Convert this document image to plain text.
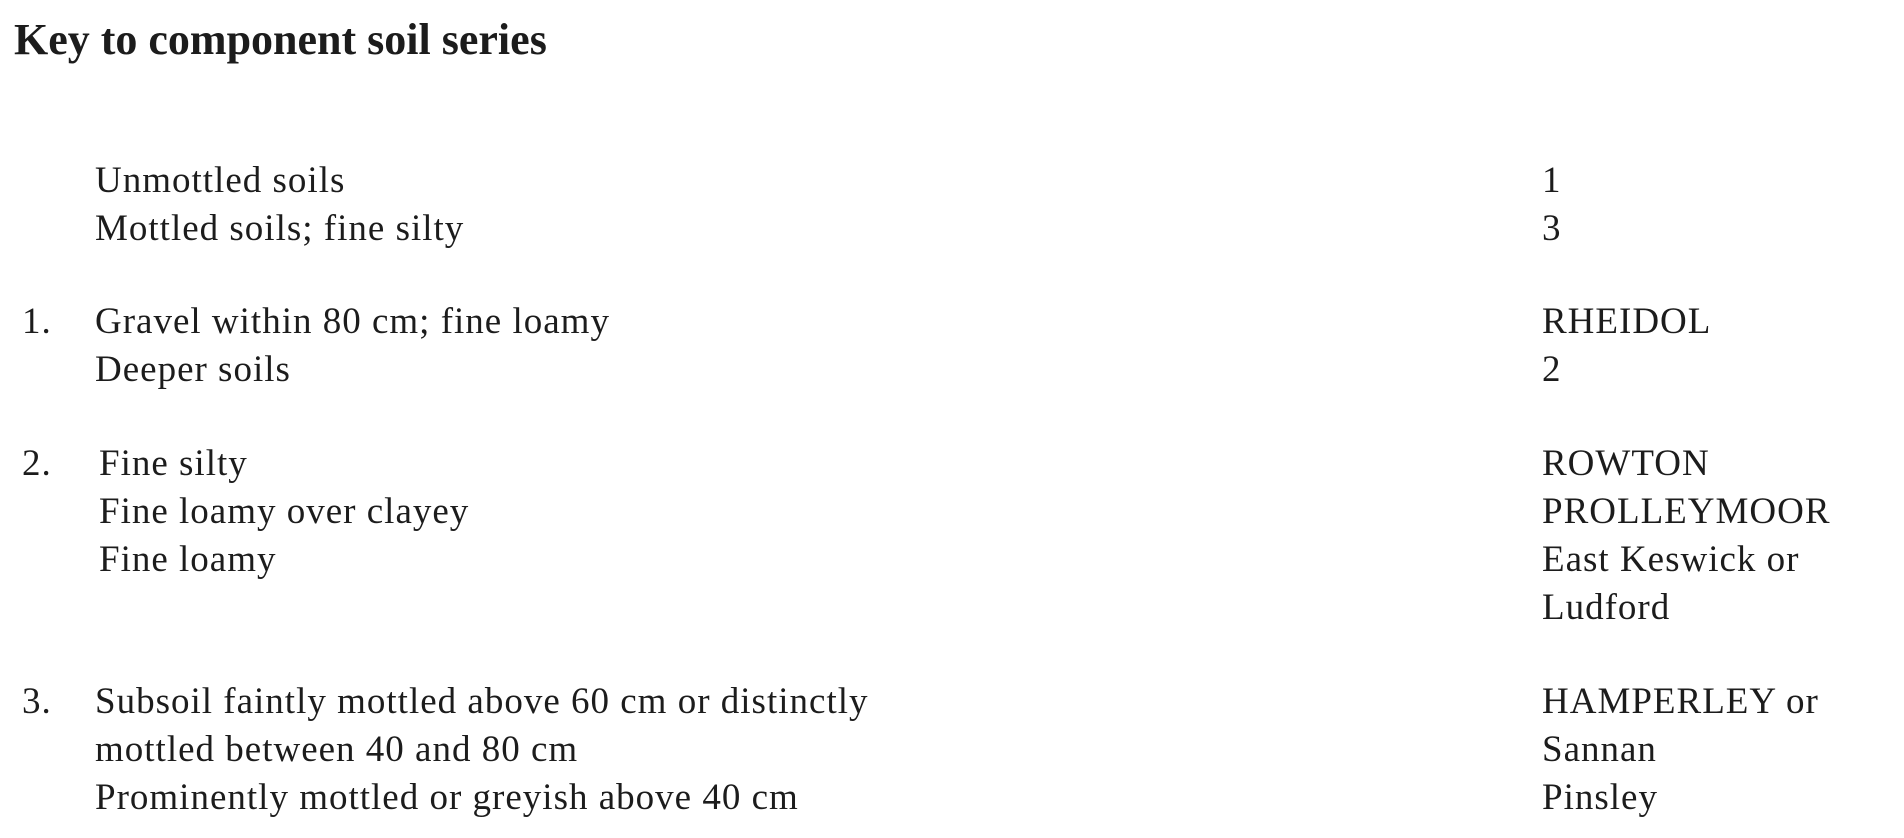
Key to component soil series
Unmottled soils	1
Mottled soils; fine silty	3
1. Gravel within 80 cm; fine loamy	RHEIDOL
Deeper soils	2
2. Fine silty	ROWTON
Fine loamy over clayey	PROLLEYMOOR
Fine loamy	East Keswick or
Ludford
3. Subsoil faintly mottled above 60 cm or distinctly	HAMPERLEY or
mottled between 40 and 80 cm	Sannan
Prominently mottled or greyish above 40 cm	Pinsley
